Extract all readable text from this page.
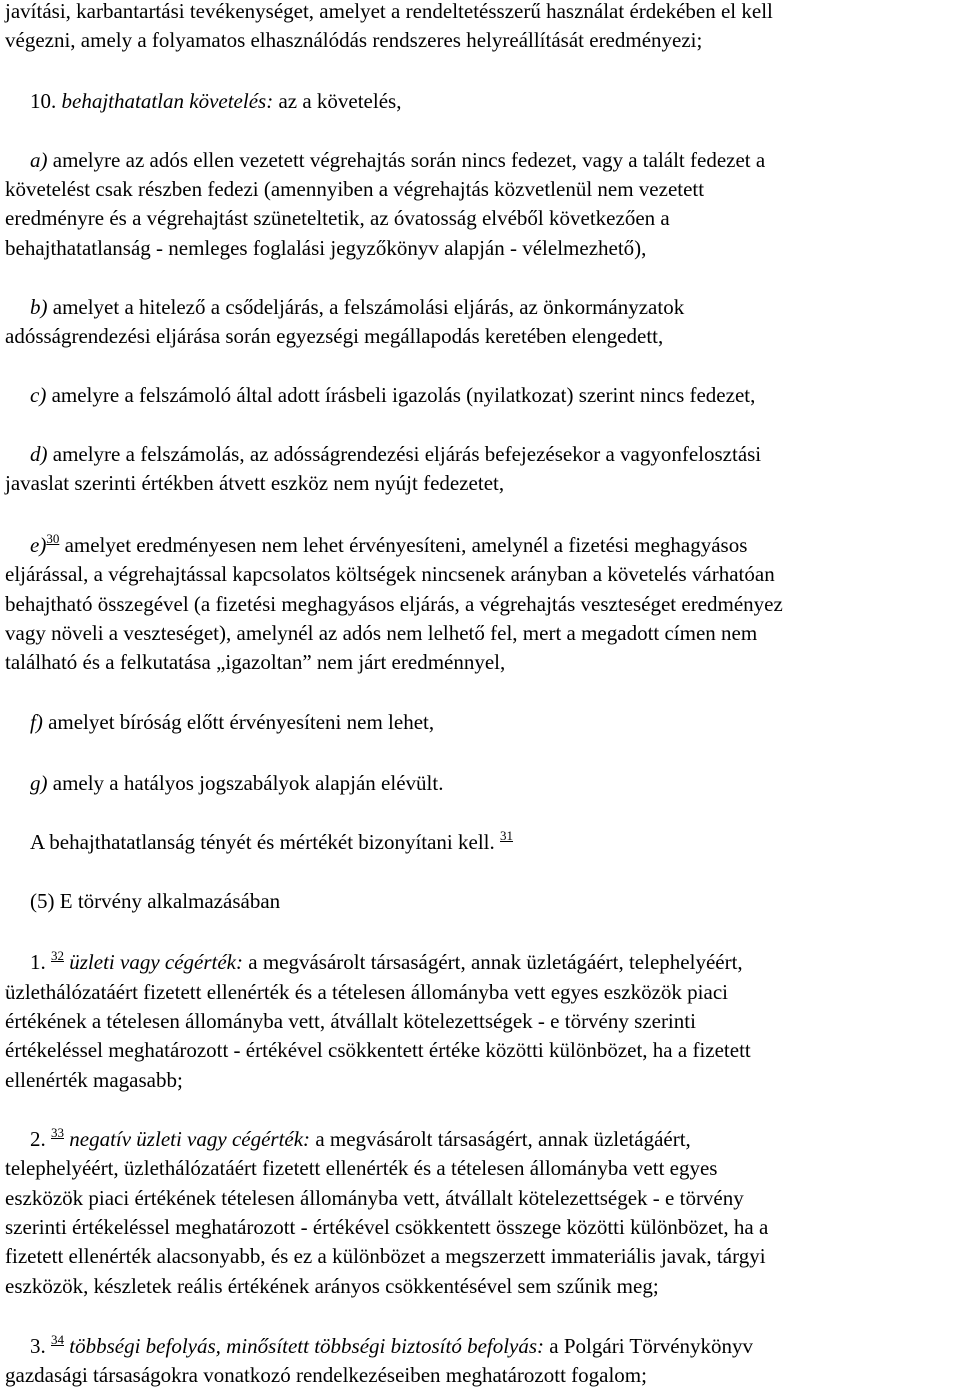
javítási, karbantartási tevékenységet, amelyet a rendeltetésszerű használat érdekében el kell
végezni, amely a folyamatos elhasználódás rendszeres helyreállítását eredményezi;
10. behajthatatlan követelés: az a követelés,
a) amelyre az adós ellen vezetett végrehajtás során nincs fedezet, vagy a talált fedezet a
követelést csak részben fedezi (amennyiben a végrehajtás közvetlenül nem vezetett
eredményre és a végrehajtást szüneteltetik, az óvatosság elvéből következően a
behajthatatlanság - nemleges foglalási jegyzőkönyv alapján - vélelmezhető),
b) amelyet a hitelező a csődeljárás, a felszámolási eljárás, az önkormányzatok
adósságrendezési eljárása során egyezségi megállapodás keretében elengedett,
c) amelyre a felszámoló által adott írásbeli igazolás (nyilatkozat) szerint nincs fedezet,
d) amelyre a felszámolás, az adósságrendezési eljárás befejezésekor a vagyonfelosztási
javaslat szerinti értékben átvett eszköz nem nyújt fedezetet,
e)$^{30}$ amelyet eredményesen nem lehet érvényesíteni, amelynél a fizetési meghagyásos
eljárással, a végrehajtással kapcsolatos költségek nincsenek arányban a követelés várhatóan
behajtható összegével (a fizetési meghagyásos eljárás, a végrehajtás veszteséget eredményez
vagy növeli a veszteséget), amelynél az adós nem lelhető fel, mert a megadott címen nem
található és a felkutatása „igazoltan” nem járt eredménnyel,
f) amelyet bíróság előtt érvényesíteni nem lehet,
g) amely a hatályos jogszabályok alapján elévült.
A behajthatatlanság tényét és mértékét bizonyítani kell. $^{31}$
(5) E törvény alkalmazásában
1. $^{32}$ üzleti vagy cégérték: a megvásárolt társaságért, annak üzletágáért, telephelyéért,
üzlethálózatáért fizetett ellenérték és a tételesen állományba vett egyes eszközök piaci
értékének a tételesen állományba vett, átvállalt kötelezettségek - e törvény szerinti
értékeléssel meghatározott - értékével csökkentett értéke közötti különbözet, ha a fizetett
ellenérték magasabb;
2. $^{33}$ negatív üzleti vagy cégérték: a megvásárolt társaságért, annak üzletágáért,
telephelyéért, üzlethálózatáért fizetett ellenérték és a tételesen állományba vett egyes
eszközök piaci értékének tételesen állományba vett, átvállalt kötelezettségek - e törvény
szerinti értékeléssel meghatározott - értékével csökkentett összege közötti különbözet, ha a
fizetett ellenérték alacsonyabb, és ez a különbözet a megszerzett immateriális javak, tárgyi
eszközök, készletek reális értékének arányos csökkentésével sem szűnik meg;
3. $^{34}$ többségi befolyás, minősített többségi biztosító befolyás: a Polgári Törvénykönyv
gazdasági társaságokra vonatkozó rendelkezéseiben meghatározott fogalom;
